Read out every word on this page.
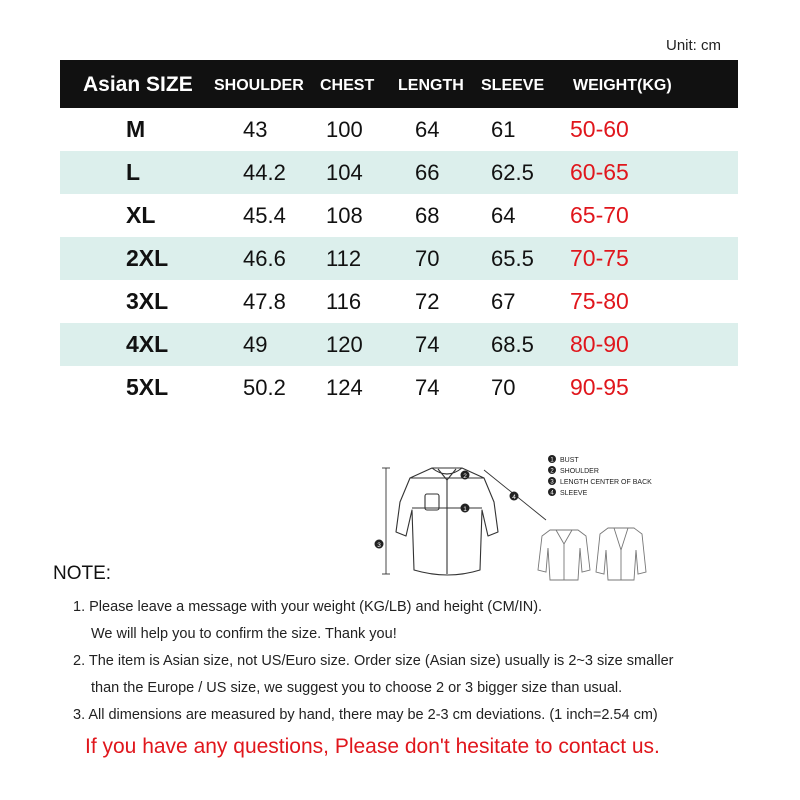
Unit: cm
Asian SIZE SHOULDER CHEST LENGTH SLEEVE WEIGHT(KG)
M	43	100 64 61 50-60
L	44.2 104 66 62.5 60-65
XL	45.4 108 68 64 65-70
2XL	46.6 112 70 65.5 70-75
3XL	47.8 116 72 67 75-80
4XL	49	120 74 68.5 80-90
5XL	50.2 124 74 70 90-95
3
1
2
4
1 BUST
2 SHOULDER
3 LENGTH CENTER OF BACK
4 SLEEVE
NOTE:
1. Please leave a message with your weight (KG/LB) and height (CM/IN).
We will help you to confirm the size. Thank you!
2. The item is Asian size, not US/Euro size. Order size (Asian size) usually is 2~3 size smaller
than the Europe / US size, we suggest you to choose 2 or 3 bigger size than usual.
3. All dimensions are measured by hand, there may be 2-3 cm deviations. (1 inch=2.54 cm)
If you have any questions, Please don't hesitate to contact us.
